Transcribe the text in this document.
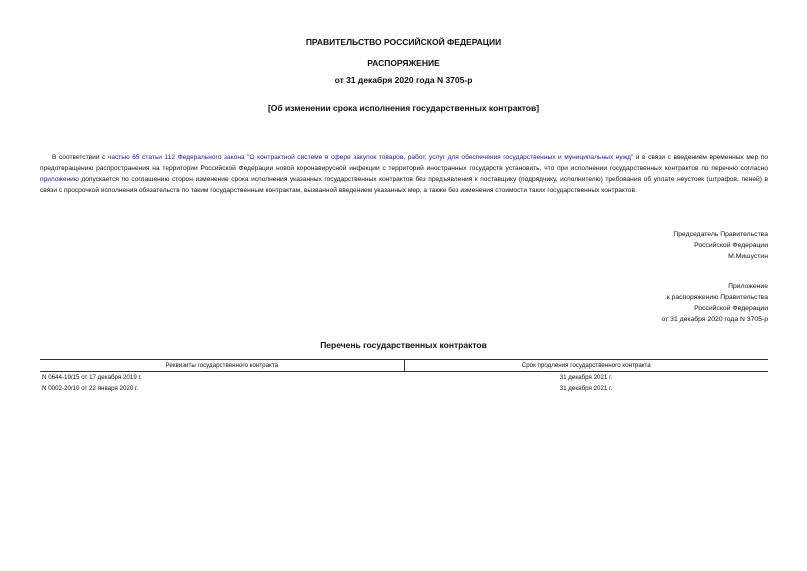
ПРАВИТЕЛЬСТВО РОССИЙСКОЙ ФЕДЕРАЦИИ
РАСПОРЯЖЕНИЕ
от 31 декабря 2020 года N 3705-р
[Об изменении срока исполнения государственных контрактов]

В соответствии с частью 65 статьи 112 Федерального закона "О контрактной системе в сфере закупок товаров, работ, услуг для обеспечения государственных и муниципальных нужд" и в связи с введением временных мер по предотвращению распространения на территории Российской Федерации новой коронавирусной инфекции с территорий иностранных государств установить, что при исполнении государственных контрактов по перечню согласно приложению допускается по соглашению сторон изменение срока исполнения указанных государственных контрактов без предъявления к поставщику (подрядчику, исполнителю) требования об уплате неустоек (штрафов, пеней) в связи с просрочкой исполнения обязательств по таким государственным контрактам, вызванной введением указанных мер, а также без изменения стоимости таких государственных контрактов.

Председатель Правительства
Российской Федерации
М.Мишустин
Приложение
к распоряжению Правительства
Российской Федерации
от 31 декабря 2020 года N 3705-р
Перечень государственных контрактов
Реквизиты государственного контракта	Срок продления государственного контракта
N 0644-19/15 от 17 декабря 2019 г.	31 декабря 2021 г.
N 0002-20/10 от 22 января 2020 г.	31 декабря 2021 г.
